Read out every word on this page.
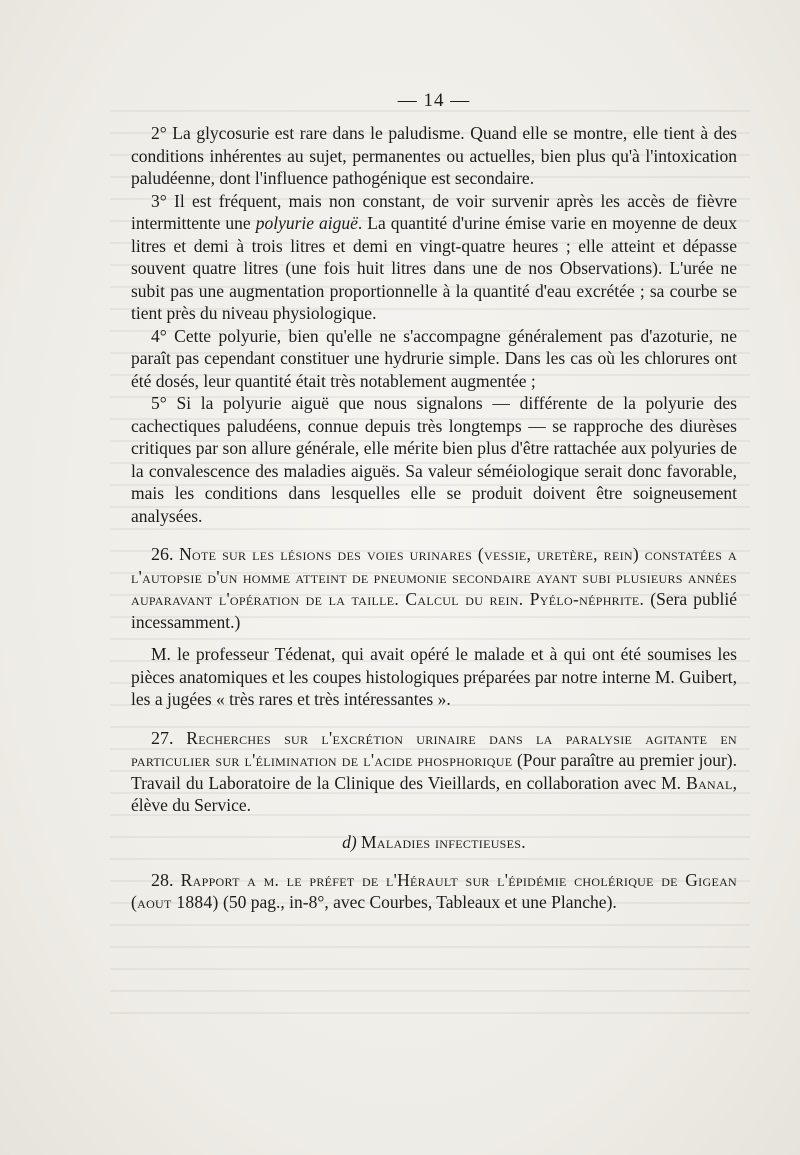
— 14 —

2° La glycosurie est rare dans le paludisme. Quand elle se montre, elle tient à des conditions inhérentes au sujet, permanentes ou actuelles, bien plus qu'à l'intoxication paludéenne, dont l'influence pathogénique est secondaire.

3° Il est fréquent, mais non constant, de voir survenir après les accès de fièvre intermittente une polyurie aiguë. La quantité d'urine émise varie en moyenne de deux litres et demi à trois litres et demi en vingt-quatre heures ; elle atteint et dépasse souvent quatre litres (une fois huit litres dans une de nos Observations). L'urée ne subit pas une augmentation proportionnelle à la quantité d'eau excrétée ; sa courbe se tient près du niveau physiologique.

4° Cette polyurie, bien qu'elle ne s'accompagne généralement pas d'azoturie, ne paraît pas cependant constituer une hydrurie simple. Dans les cas où les chlorures ont été dosés, leur quantité était très notablement augmentée ;

5° Si la polyurie aiguë que nous signalons — différente de la polyurie des cachectiques paludéens, connue depuis très longtemps — se rapproche des diurèses critiques par son allure générale, elle mérite bien plus d'être rattachée aux polyuries de la convalescence des maladies aiguës. Sa valeur séméiologique serait donc favorable, mais les conditions dans lesquelles elle se produit doivent être soigneusement analysées.

26. Note sur les lésions des voies urinares (vessie, uretère, rein) constatées a l'autopsie d'un homme atteint de pneumonie secondaire ayant subi plusieurs années auparavant l'opération de la taille. Calcul du rein. Pyélo-néphrite. (Sera publié incessamment.)

M. le professeur Tédenat, qui avait opéré le malade et à qui ont été soumises les pièces anatomiques et les coupes histologiques préparées par notre interne M. Guibert, les a jugées « très rares et très intéressantes ».

27. Recherches sur l'excrétion urinaire dans la paralysie agitante en particulier sur l'élimination de l'acide phosphorique (Pour paraître au premier jour). Travail du Laboratoire de la Clinique des Vieillards, en collaboration avec M. Banal, élève du Service.

d) Maladies infectieuses.

28. Rapport a m. le préfet de l'Hérault sur l'épidémie cholérique de Gigean (aout 1884) (50 pag., in-8°, avec Courbes, Tableaux et une Planche).
